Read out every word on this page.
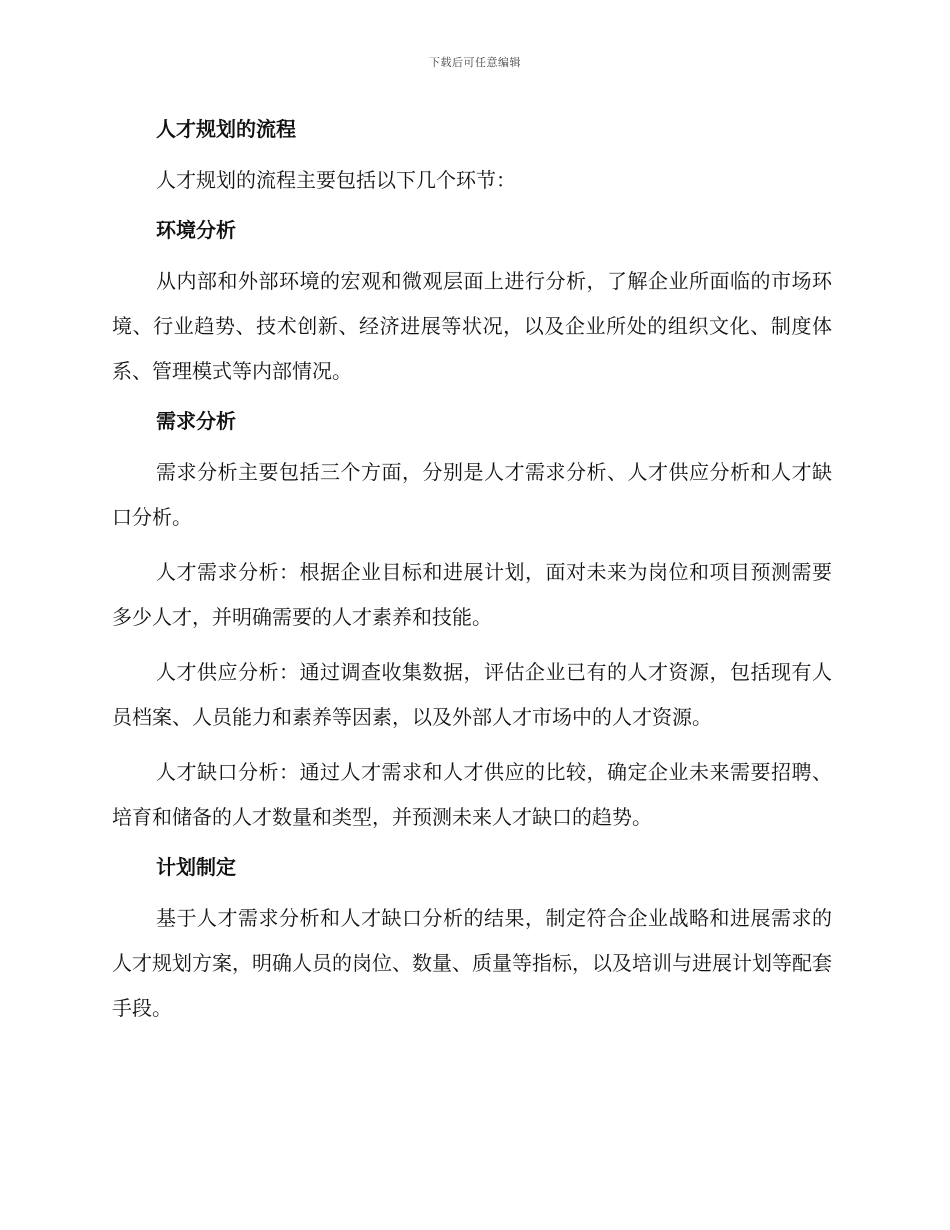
下载后可任意编辑
人才规划的流程

人才规划的流程主要包括以下几个环节：

环境分析

从内部和外部环境的宏观和微观层面上进行分析，了解企业所面临的市场环境、行业趋势、技术创新、经济进展等状况，以及企业所处的组织文化、制度体系、管理模式等内部情况。

需求分析

需求分析主要包括三个方面，分别是人才需求分析、人才供应分析和人才缺口分析。

人才需求分析：根据企业目标和进展计划，面对未来为岗位和项目预测需要多少人才，并明确需要的人才素养和技能。

人才供应分析：通过调查收集数据，评估企业已有的人才资源，包括现有人员档案、人员能力和素养等因素，以及外部人才市场中的人才资源。

人才缺口分析：通过人才需求和人才供应的比较，确定企业未来需要招聘、培育和储备的人才数量和类型，并预测未来人才缺口的趋势。

计划制定

基于人才需求分析和人才缺口分析的结果，制定符合企业战略和进展需求的人才规划方案，明确人员的岗位、数量、质量等指标，以及培训与进展计划等配套手段。
